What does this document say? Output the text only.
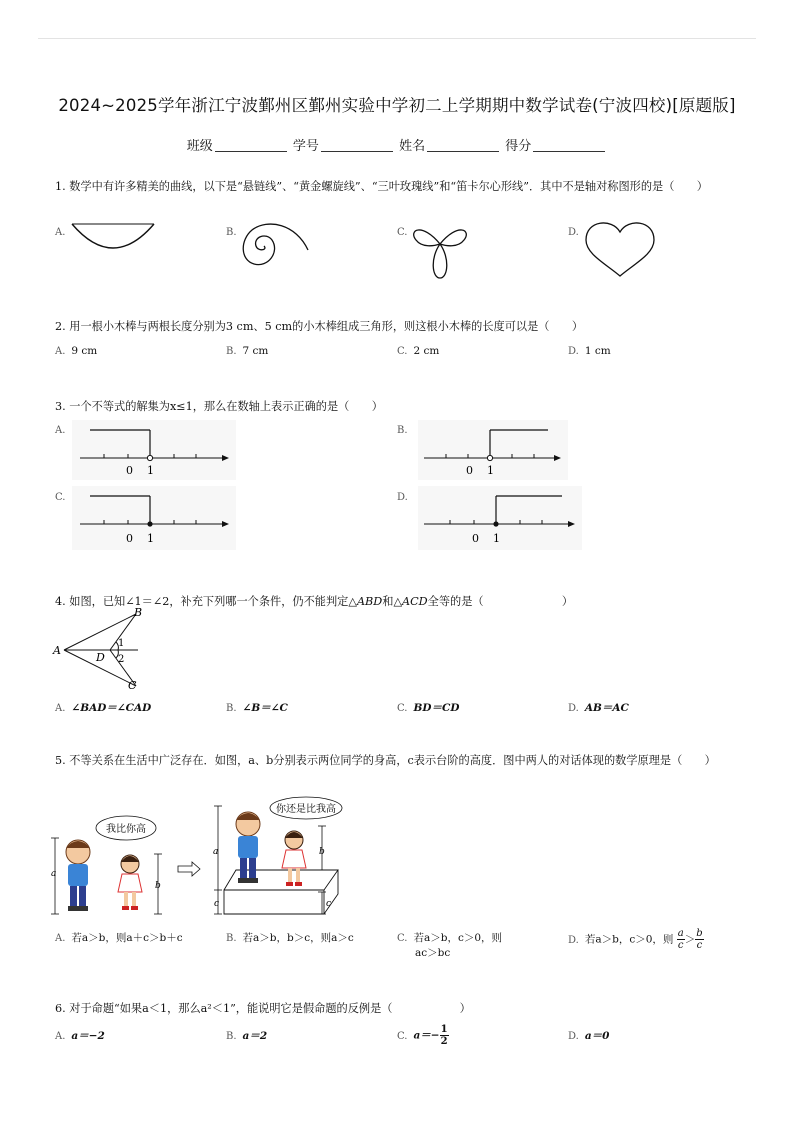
2024~2025学年浙江宁波鄞州区鄞州实验中学初二上学期期中数学试卷(宁波四校)[原题版]
班级	学号	姓名	得分
1. 数学中有许多精美的曲线，以下是“悬链线”、“黄金螺旋线”、“三叶玫瑰线”和“笛卡尔心形线”．其中不是轴对称图形的是（　　）
A.	B.	C.	D.
2. 用一根小木棒与两根长度分别为3 cm、5 cm的小木棒组成三角形，则这根小木棒的长度可以是（　　）
A. 9 cm	B. 7 cm	C. 2 cm	D. 1 cm
3. 一个不等式的解集为x≤1，那么在数轴上表示正确的是（　　）
A.
0 1
B.
0 1
C.
0 1
D.
0 1
4. 如图，已知∠1＝∠2，补充下列哪一个条件，仍不能判定△ABD和△ACD全等的是（　　　　　　　）
A
B
C
D
1
2
A. ∠BAD＝∠CAD	B. ∠B＝∠C	C. BD＝CD	D. AB＝AC
5. 不等关系在生活中广泛存在．如图，a、b分别表示两位同学的身高，c表示台阶的高度．图中两人的对话体现的数学原理是（　　）
a
b
我比你高
a
c
b
c
你还是比我高
A. 若a＞b，则a＋c＞b＋c	B. 若a＞b，b＞c，则a＞c	C. 若a＞b，c＞0，则
ac＞bc
D. 若a＞b，c＞0，则 $\frac{a}{c} > \frac{b}{c}$
6. 对于命题“如果a＜1，那么a²＜1”，能说明它是假命题的反例是（　　　　　　）
A. a＝−2	B. a＝2	C. $a=- \frac{1}{2}$	D. a＝0
